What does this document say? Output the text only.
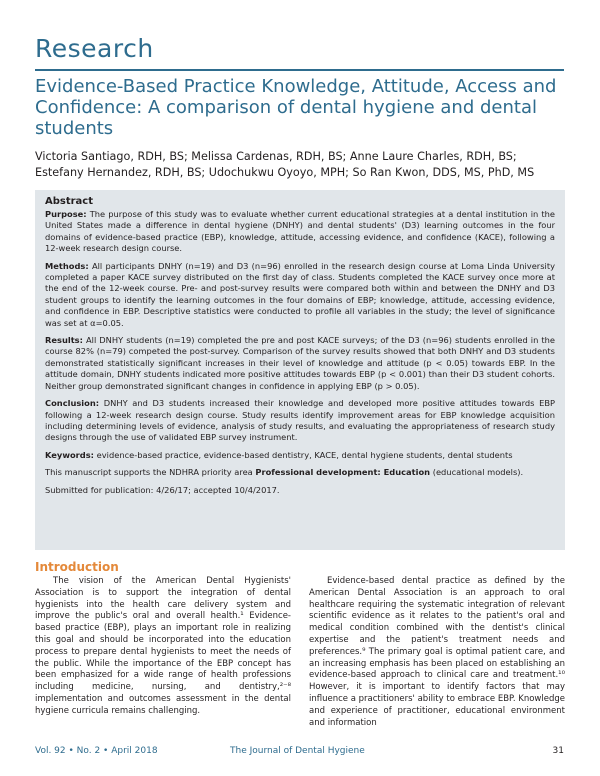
Research
Evidence-Based Practice Knowledge, Attitude, Access and Confidence: A comparison of dental hygiene and dental students
Victoria Santiago, RDH, BS; Melissa Cardenas, RDH, BS; Anne Laure Charles, RDH, BS; Estefany Hernandez, RDH, BS; Udochukwu Oyoyo, MPH; So Ran Kwon, DDS, MS, PhD, MS

Abstract

Purpose: The purpose of this study was to evaluate whether current educational strategies at a dental institution in the United States made a difference in dental hygiene (DNHY) and dental students' (D3) learning outcomes in the four domains of evidence-based practice (EBP), knowledge, attitude, accessing evidence, and confidence (KACE), following a 12-week research design course.

Methods: All participants DNHY (n=19) and D3 (n=96) enrolled in the research design course at Loma Linda University completed a paper KACE survey distributed on the first day of class. Students completed the KACE survey once more at the end of the 12-week course. Pre- and post-survey results were compared both within and between the DNHY and D3 student groups to identify the learning outcomes in the four domains of EBP; knowledge, attitude, accessing evidence, and confidence in EBP. Descriptive statistics were conducted to profile all variables in the study; the level of significance was set at α=0.05.

Results: All DNHY students (n=19) completed the pre and post KACE surveys; of the D3 (n=96) students enrolled in the course 82% (n=79) competed the post-survey. Comparison of the survey results showed that both DNHY and D3 students demonstrated statistically significant increases in their level of knowledge and attitude (p < 0.05) towards EBP. In the attitude domain, DNHY students indicated more positive attitudes towards EBP (p < 0.001) than their D3 student cohorts. Neither group demonstrated significant changes in confidence in applying EBP (p > 0.05).

Conclusion: DNHY and D3 students increased their knowledge and developed more positive attitudes towards EBP following a 12-week research design course. Study results identify improvement areas for EBP knowledge acquisition including determining levels of evidence, analysis of study results, and evaluating the appropriateness of research study designs through the use of validated EBP survey instrument.

Keywords: evidence-based practice, evidence-based dentistry, KACE, dental hygiene students, dental students

This manuscript supports the NDHRA priority area Professional development: Education (educational models).

Submitted for publication: 4/26/17; accepted 10/4/2017.

Introduction
The vision of the American Dental Hygienists' Association is to support the integration of dental hygienists into the health care delivery system and improve the public's oral and overall health.¹ Evidence-based practice (EBP), plays an important role in realizing this goal and should be incorporated into the education process to prepare dental hygienists to meet the needs of the public. While the importance of the EBP concept has been emphasized for a wide range of health professions including medicine, nursing, and dentistry,²⁻⁸ implementation and outcomes assessment in the dental hygiene curricula remains challenging.
Evidence-based dental practice as defined by the American Dental Association is an approach to oral healthcare requiring the systematic integration of relevant scientific evidence as it relates to the patient's oral and medical condition combined with the dentist's clinical expertise and the patient's treatment needs and preferences.⁹ The primary goal is optimal patient care, and an increasing emphasis has been placed on establishing an evidence-based approach to clinical care and treatment.¹⁰ However, it is important to identify factors that may influence a practitioners' ability to embrace EBP. Knowledge and experience of practitioner, educational environment and information
Vol. 92 • No. 2 • April 2018	The Journal of Dental Hygiene	31
